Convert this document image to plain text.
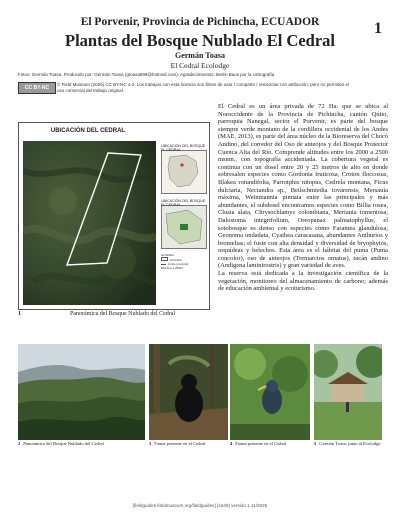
1
El Porvenir, Provincia de Pichincha, ECUADOR
Plantas del Bosque Nublado El Cedral
Germán Toasa
El Cedral Ecolodge
Fotos: Germán Toasa. Producido por: Germán Toasa (gtoasa699@hotmail.com). Agradecimientos: Belén Baus por la cartografía
CC BY-NC
© Field Museum (2025) CC BY-NC 4.0. Los trabajos con esta licencia son libres de usar / compartir / remezclar con atribución, pero no permiten el
uso comercial del trabajo original.
UBICACIÓN DEL CEDRAL
UBICACIÓN DEL BOSQUE EL CEDRAL
UBICACIÓN DEL BOSQUE EL CEDRAL
LEYENDA
El Cedral
Límite provincial
ESCALA 1:25000
1	Panorámica del Bosque Nublado del Cedral

El Cedral es un área privada de 72 Ha. que se ubica al Noroccidente de la Provincia de Pichincha, cantón Quito, parroquia Nanegal, sector el Porvenir, es parte del bosque siempre verde montano de la cordillera occidental de los Andes (MAE, 2013), es parte del área núcleo de la Bioreserva del Chocó Andino, del corredor del Oso de anteojos y del Bosque Protector Cuenca Alta del Río. Comprende altitudes entre los 2000 a 2500 msnm., con topografía accidentada. La cobertura vegetal es continua con un dosel entre 20 y 25 metros de alto en donde sobresalen especies como Gordonia fruticosa, Croton floccosus, Blakea rotundifolia, Parrotphis nitopus, Cedrela montana, Ficus dulciaria, Nectandra sp., Beilschmiedia tovarensis, Mersauia máxima, Weinmannia pinnata entre las principales y más abundantes, el subdosel encontramos especies como Billia rosea, Clusia alata, Chrysochlamys colombiana, Meriania tomentosa, Dalostoma integrifolium, Oreopanax palmatophyllus, el sotobosque es denso con especies como Faramea glandulosa, Geonoma undadata, Cyathea caracasana, abundantes Anthurios y bromelias; el fuste con alta densidad y diversidad de bryophytos, orquídeas y helechos. Esta área es el hábitat del puma (Puma concolor), oso de anteojos (Tremarctos ornatus), tucán andino (Andigena laminirostris) y gran variedad de aves.

La reserva está dedicada a la investigación científica de la vegetación, monitoreo del almacenamiento de carbono; además de educación ambiental y ecoturismo.

2 Panorámica del Bosque Nublado del Cedral	3 Fauna presente en el Cedral	4 Fauna presente en el Cedral	5 Germán Toasa, junto al Ecolodge
[fieldguides.fieldmuseum.org/fieldguides] [1648] versión 1 11/2025
